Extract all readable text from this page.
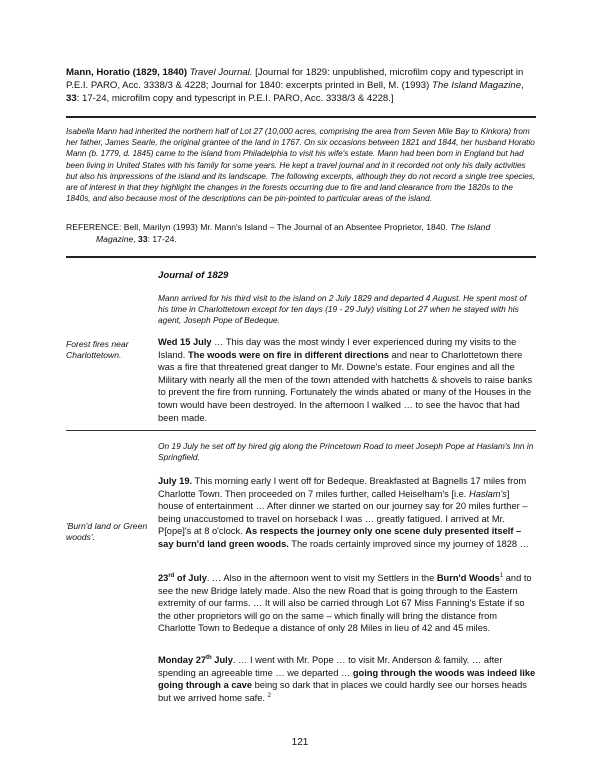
Mann, Horatio (1829, 1840) Travel Journal. [Journal for 1829: unpublished, microfilm copy and typescript in P.E.I. PARO, Acc. 3338/3 & 4228; Journal for 1840: excerpts printed in Bell, M. (1993) The Island Magazine, 33: 17-24, microfilm copy and typescript in P.E.I. PARO, Acc. 3338/3 & 4228.]
Isabella Mann had inherited the northern half of Lot 27 (10,000 acres, comprising the area from Seven Mile Bay to Kinkora) from her father, James Searle, the original grantee of the land in 1767. On six occasions between 1821 and 1844, her husband Horatio Mann (b. 1779, d. 1845) came to the island from Philadelphia to visit his wife's estate. Mann had been born in England but had been living in United States with his family for some years. He kept a travel journal and in it recorded not only his daily activities but also his impressions of the island and its landscape. The following excerpts, although they do not record a single tree species, are of interest in that they highlight the changes in the forests occurring due to fire and land clearance from the 1820s to the 1840s, and also because most of the descriptions can be pin-pointed to particular areas of the island.
REFERENCE: Bell, Marilyn (1993) Mr. Mann's Island – The Journal of an Absentee Proprietor, 1840. The Island
Magazine, 33: 17-24.
Journal of 1829
Mann arrived for his third visit to the island on 2 July 1829 and departed 4 August. He spent most of his time in Charlottetown except for ten days (19 - 29 July) visiting Lot 27 when he stayed with his agent, Joseph Pope of Bedeque.
Forest fires near Charlottetown.
Wed 15 July … This day was the most windy I ever experienced during my visits to the Island. The woods were on fire in different directions and near to Charlottetown there was a fire that threatened great danger to Mr. Downe's estate. Four engines and all the Military with nearly all the men of the town attended with hatchetts & shovels to raise banks to prevent the fire from running. Fortunately the winds abated or many of the Houses in the town would have been destroyed. In the afternoon I walked … to see the havoc that had been made.
On 19 July he set off by hired gig along the Princetown Road to meet Joseph Pope at Haslam's Inn in Springfield.
'Burn'd land or Green woods'.
July 19. This morning early I went off for Bedeque. Breakfasted at Bagnells 17 miles from Charlotte Town. Then proceeded on 7 miles further, called Heiselham's [i.e. Haslam's] house of entertainment … After dinner we started on our journey say for 20 miles further – being unaccustomed to travel on horseback I was … greatly fatigued. I arrived at Mr. P[ope]'s at 8 o'clock. As respects the journey only one scene duly presented itself – say burn'd land green woods. The roads certainly improved since my journey of 1828 …
23rd of July. … Also in the afternoon went to visit my Settlers in the Burn'd Woods$^1$ and to see the new Bridge lately made. Also the new Road that is going through to the Eastern extremity of our farms. … It will also be carried through Lot 67 Miss Fanning's Estate if so the other proprietors will go on the same – which finally will bring the distance from Charlotte Town to Bedeque a distance of only 28 Miles in lieu of 42 and 45 miles.
Monday 27th July. … I went with Mr. Pope … to visit Mr. Anderson & family. … after spending an agreeable time … we departed … going through the woods was indeed like going through a cave being so dark that in places we could hardly see our horses heads but we arrived home safe. $^2$
121
